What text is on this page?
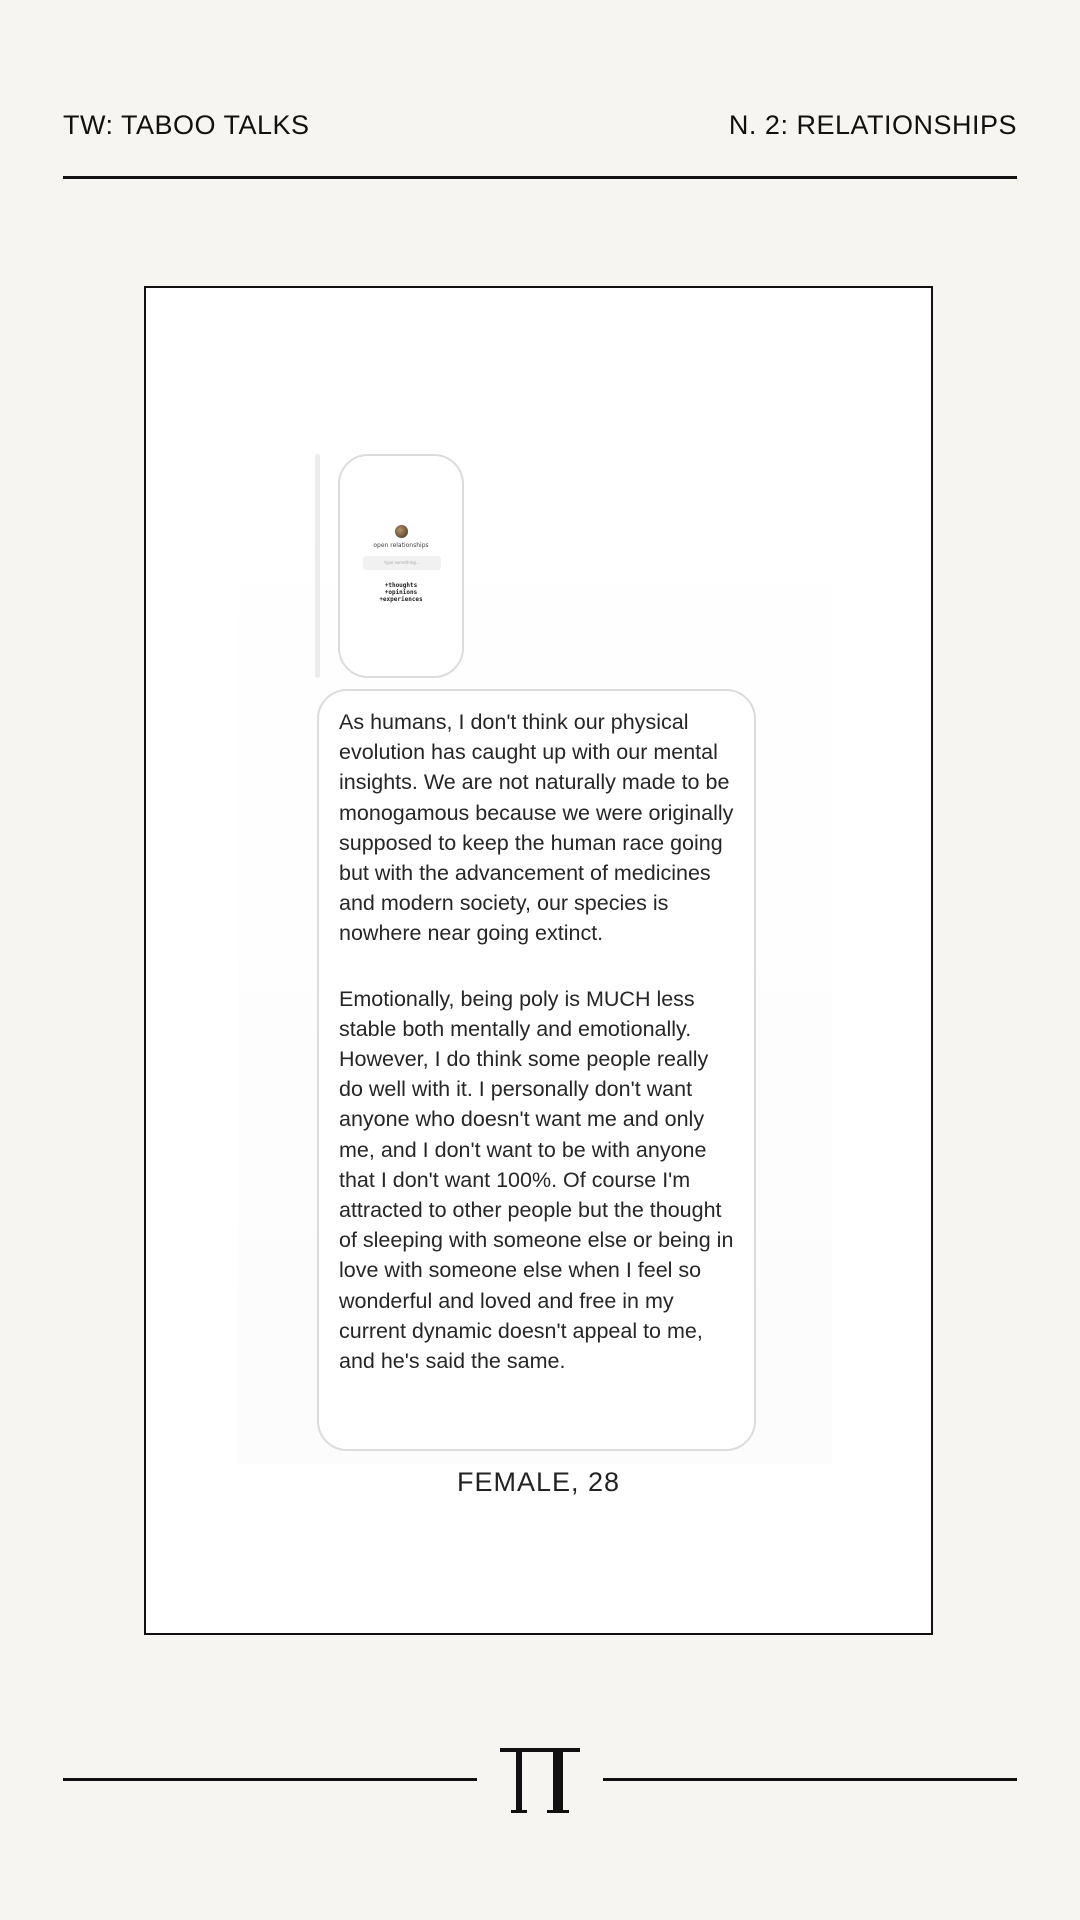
TW: TABOO TALKS	N. 2: RELATIONSHIPS
open relationships
type something...
+thoughts
+opinions
+experiences

As humans, I don't think our physical evolution has caught up with our mental insights. We are not naturally made to be monogamous because we were originally supposed to keep the human race going but with the advancement of medicines and modern society, our species is nowhere near going extinct.

Emotionally, being poly is MUCH less stable both mentally and emotionally. However, I do think some people really do well with it. I personally don't want anyone who doesn't want me and only me, and I don't want to be with anyone that I don't want 100%. Of course I'm attracted to other people but the thought of sleeping with someone else or being in love with someone else when I feel so wonderful and loved and free in my current dynamic doesn't appeal to me, and he's said the same.

FEMALE, 28
